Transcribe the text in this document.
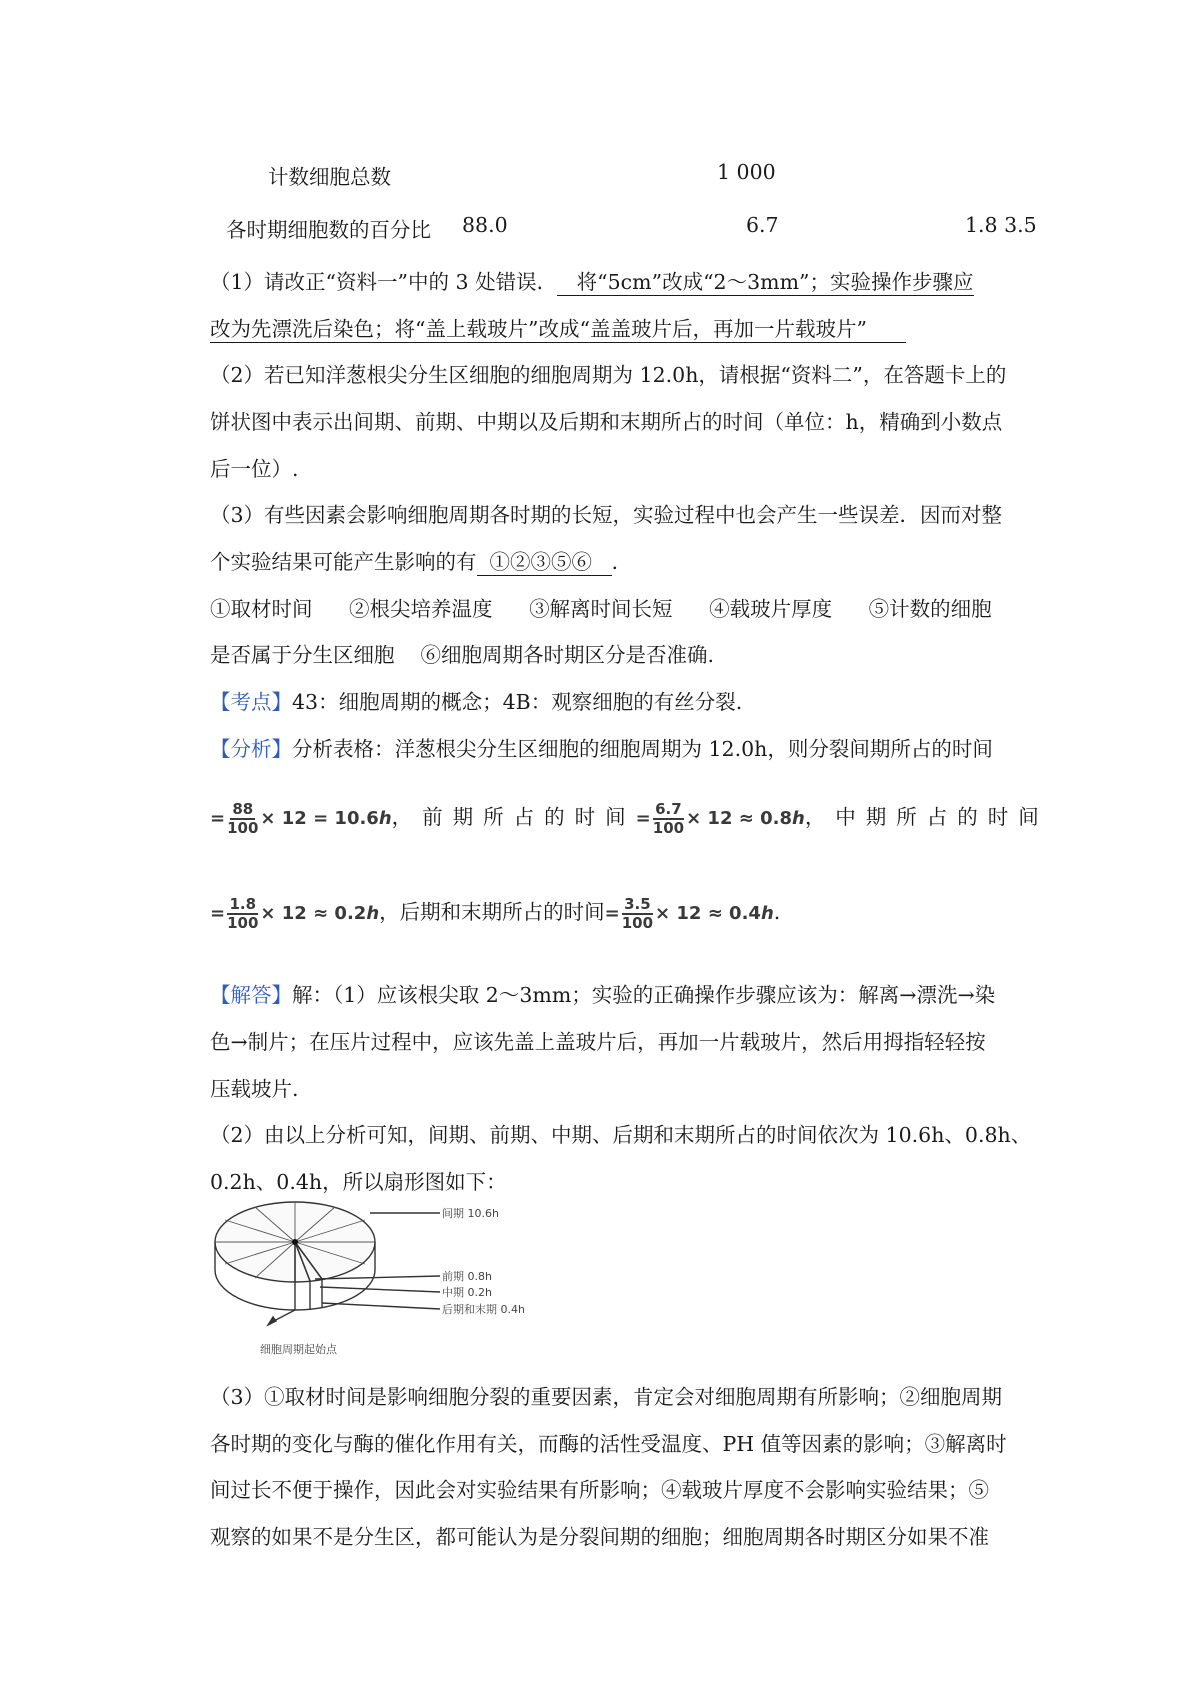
计数细胞总数	1 000
各时期细胞数的百分比 88.0	6.7	1.8 3.5
（1）请改正“资料一”中的 3 处错误． 将“5cm”改成“2～3mm”；实验操作步骤应
改为先漂洗后染色；将“盖上载玻片”改成“盖盖玻片后，再加一片载玻片”
（2）若已知洋葱根尖分生区细胞的细胞周期为 12.0h，请根据“资料二”，在答题卡上的
饼状图中表示出间期、前期、中期以及后期和末期所占的时间（单位：h，精确到小数点
后一位）.
（3）有些因素会影响细胞周期各时期的长短，实验过程中也会产生一些误差．因而对整
个实验结果可能产生影响的有 ①②③⑤⑥ ．
①取材时间 ②根尖培养温度 ③解离时间长短 ④载玻片厚度 ⑤计数的细胞
是否属于分生区细胞 ⑥细胞周期各时期区分是否准确.
【考点】43：细胞周期的概念；4B：观察细胞的有丝分裂.
【分析】分析表格：洋葱根尖分生区细胞的细胞周期为 12.0h，则分裂间期所占的时间
= $\frac{88}{100} \times 12 = 10.6h$，前期所占的时间= $\frac{6.7}{100} \times 12 \approx 0.8h$，中期所占的时间
= $\frac{1.8}{100} \times 12 \approx 0.2h$，后期和末期所占的时间= $\frac{3.5}{100} \times 12 \approx 0.4h$.
【解答】解：（1）应该根尖取 2～3mm；实验的正确操作步骤应该为：解离→漂洗→染
色→制片；在压片过程中，应该先盖上盖玻片后，再加一片载玻片，然后用拇指轻轻按
压载坡片.
（2）由以上分析可知，间期、前期、中期、后期和末期所占的时间依次为 10.6h、0.8h、
0.2h、0.4h，所以扇形图如下：
间期 10.6h
前期 0.8h
中期 0.2h
后期和末期 0.4h
细胞周期起始点
（3）①取材时间是影响细胞分裂的重要因素，肯定会对细胞周期有所影响；②细胞周期
各时期的变化与酶的催化作用有关，而酶的活性受温度、PH 值等因素的影响；③解离时
间过长不便于操作，因此会对实验结果有所影响；④载玻片厚度不会影响实验结果；⑤
观察的如果不是分生区，都可能认为是分裂间期的细胞；细胞周期各时期区分如果不准
